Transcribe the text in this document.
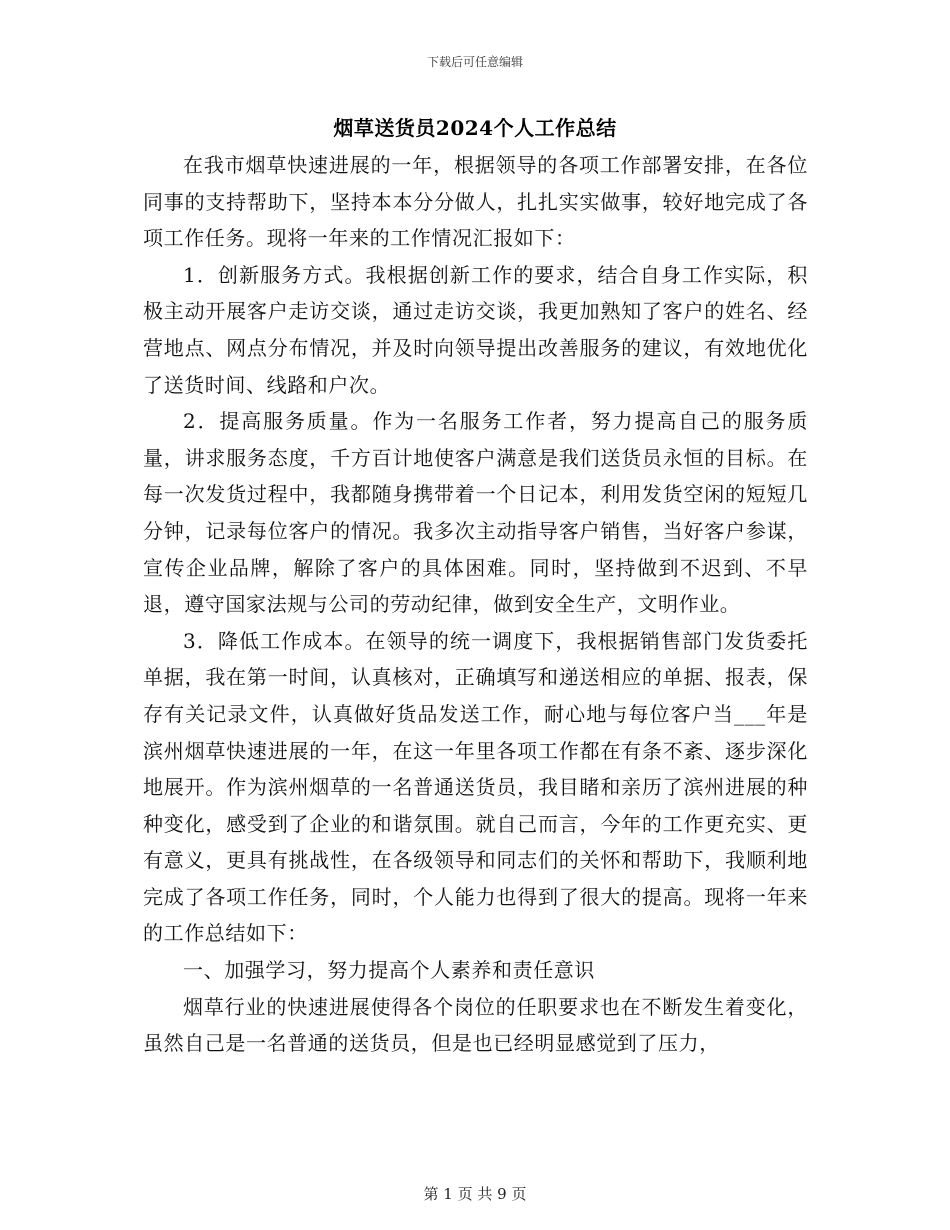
下载后可任意编辑
烟草送货员2024个人工作总结

在我市烟草快速进展的一年，根据领导的各项工作部署安排，在各位同事的支持帮助下，坚持本本分分做人，扎扎实实做事，较好地完成了各项工作任务。现将一年来的工作情况汇报如下：

1．创新服务方式。我根据创新工作的要求，结合自身工作实际，积极主动开展客户走访交谈，通过走访交谈，我更加熟知了客户的姓名、经营地点、网点分布情况，并及时向领导提出改善服务的建议，有效地优化了送货时间、线路和户次。

2．提高服务质量。作为一名服务工作者，努力提高自己的服务质量，讲求服务态度，千方百计地使客户满意是我们送货员永恒的目标。在每一次发货过程中，我都随身携带着一个日记本，利用发货空闲的短短几分钟，记录每位客户的情况。我多次主动指导客户销售，当好客户参谋，宣传企业品牌，解除了客户的具体困难。同时，坚持做到不迟到、不早退，遵守国家法规与公司的劳动纪律，做到安全生产，文明作业。

3．降低工作成本。在领导的统一调度下，我根据销售部门发货委托单据，我在第一时间，认真核对，正确填写和递送相应的单据、报表，保存有关记录文件，认真做好货品发送工作，耐心地与每位客户当___年是滨州烟草快速进展的一年，在这一年里各项工作都在有条不紊、逐步深化地展开。作为滨州烟草的一名普通送货员，我目睹和亲历了滨州进展的种种变化，感受到了企业的和谐氛围。就自己而言，今年的工作更充实、更有意义，更具有挑战性，在各级领导和同志们的关怀和帮助下，我顺利地完成了各项工作任务，同时，个人能力也得到了很大的提高。现将一年来的工作总结如下：

一、加强学习，努力提高个人素养和责任意识

烟草行业的快速进展使得各个岗位的任职要求也在不断发生着变化，虽然自己是一名普通的送货员，但是也已经明显感觉到了压力，

第 1 页 共 9 页
